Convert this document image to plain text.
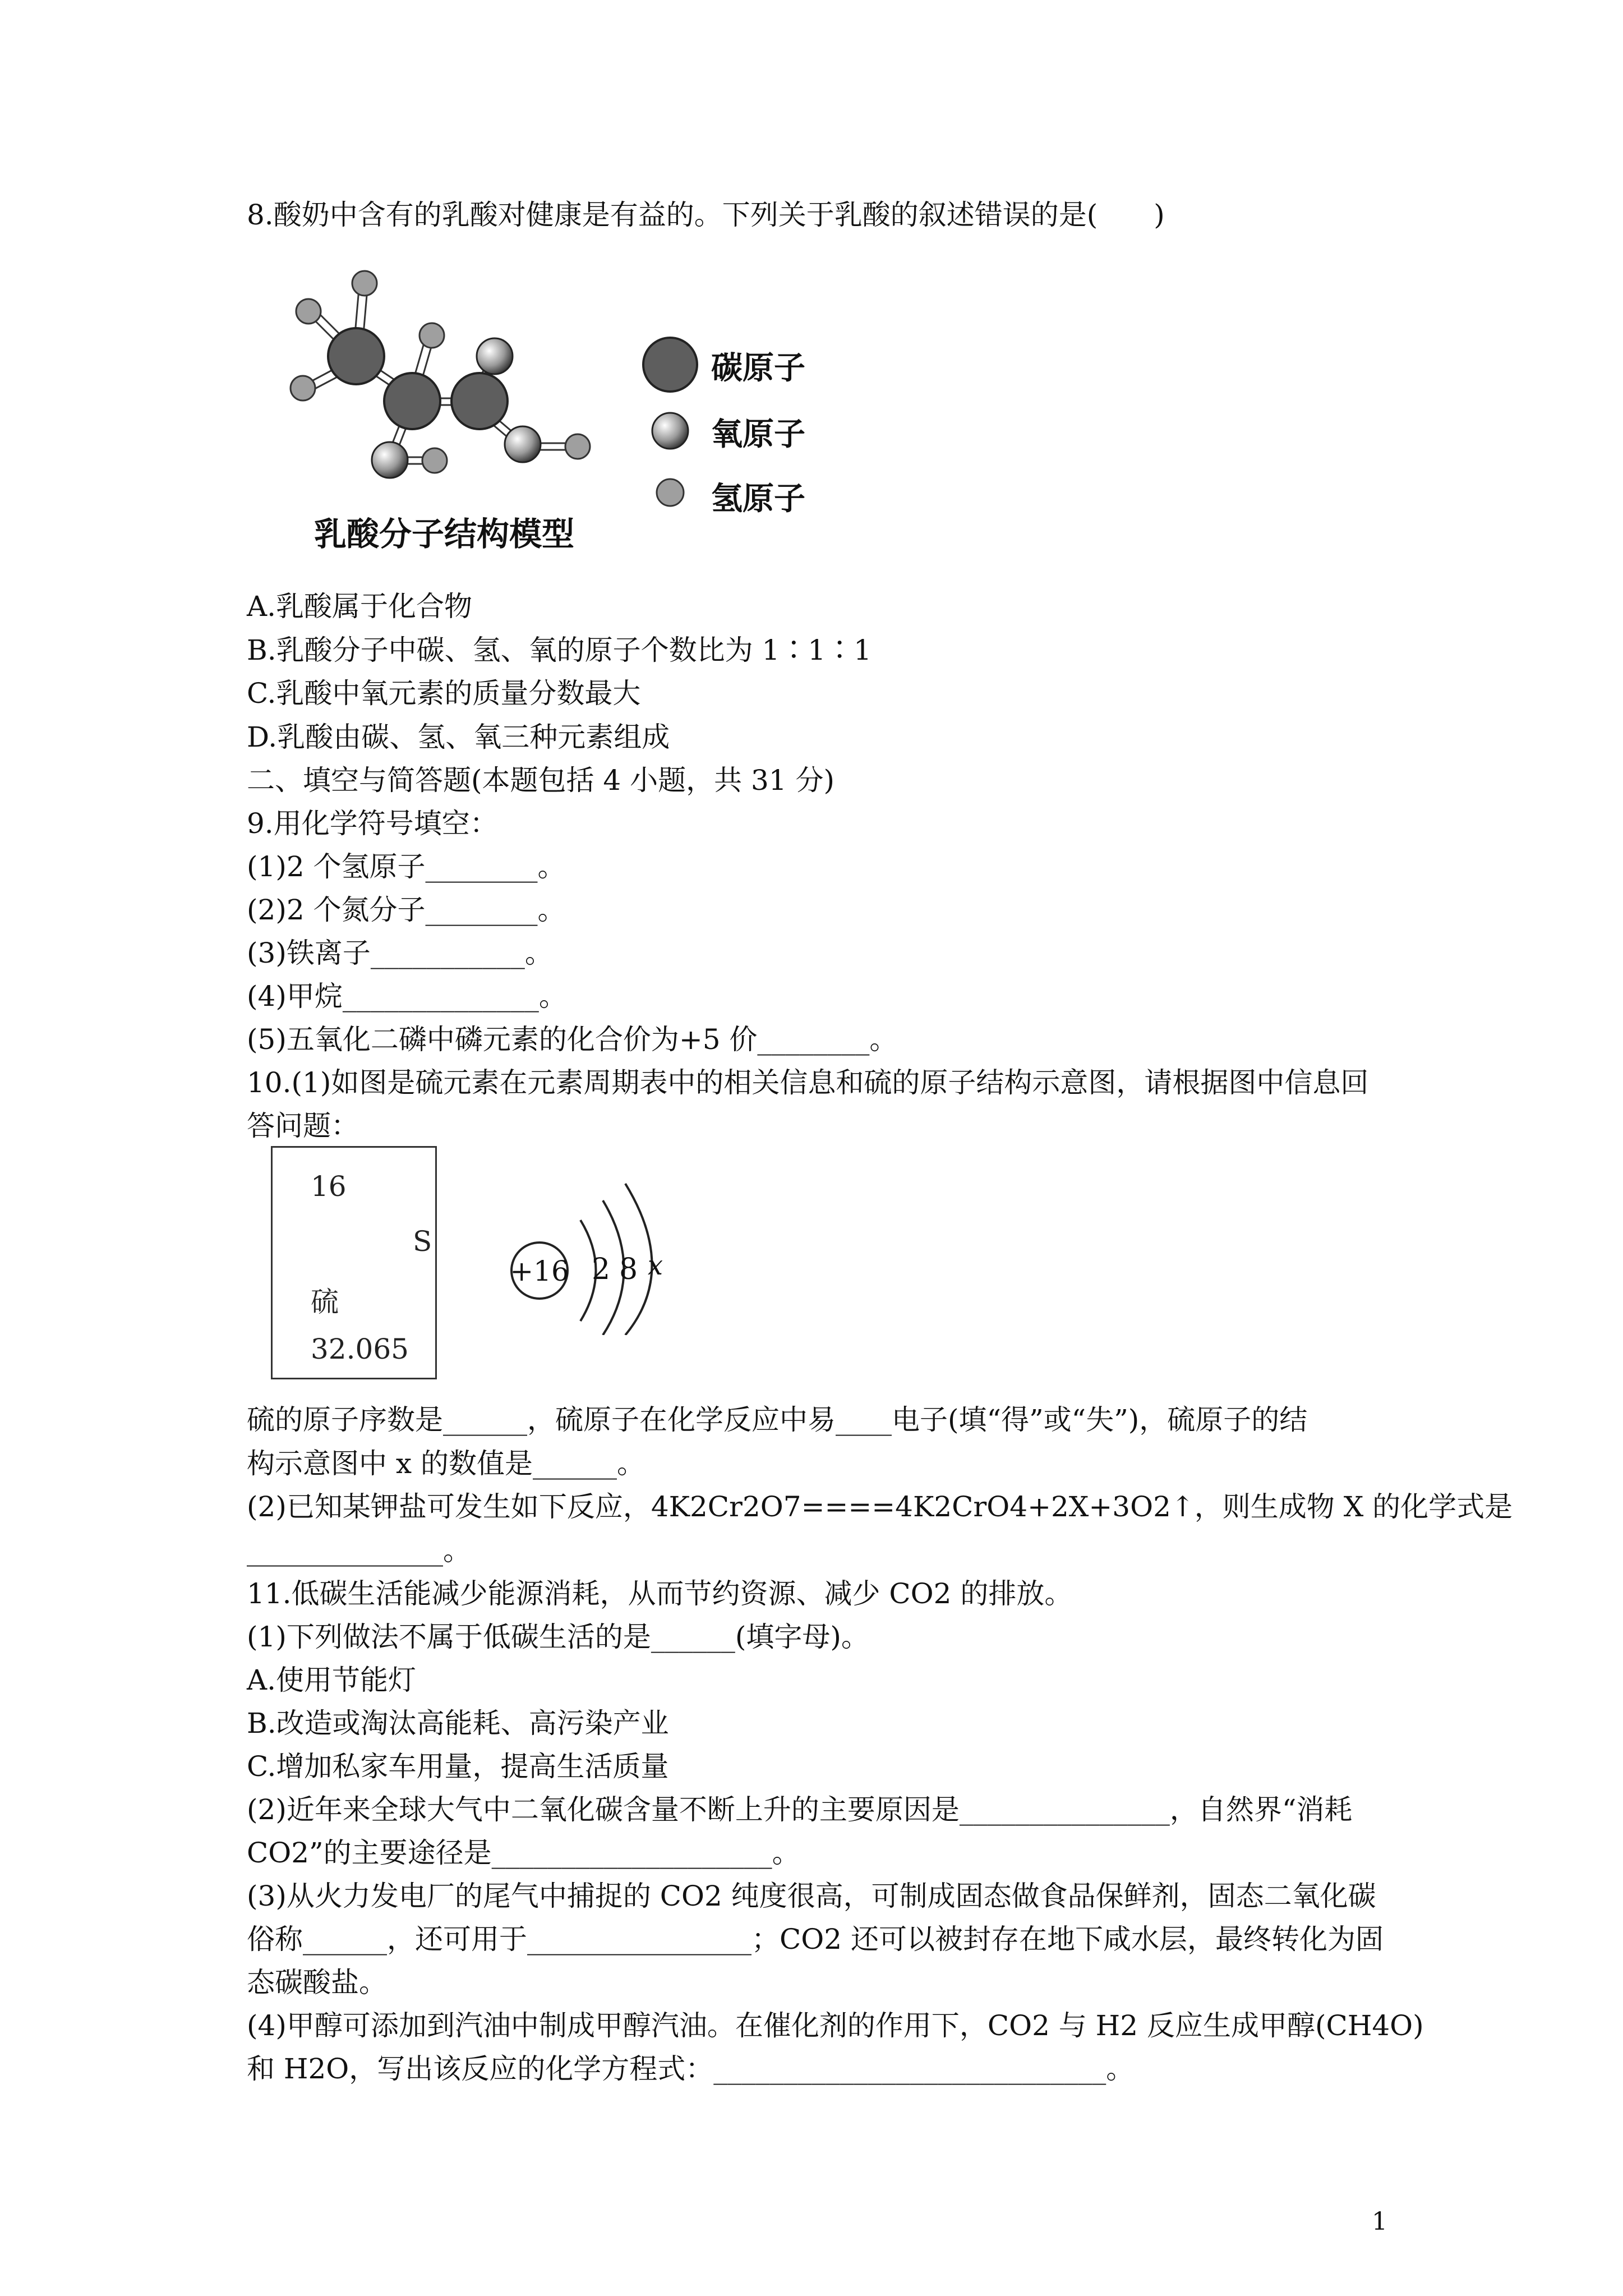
8.酸奶中含有的乳酸对健康是有益的。下列关于乳酸的叙述错误的是(　　)
乳酸分子结构模型
碳原子
氧原子
氢原子
A.乳酸属于化合物
B.乳酸分子中碳、氢、氧的原子个数比为 1∶1∶1
C.乳酸中氧元素的质量分数最大
D.乳酸由碳、氢、氧三种元素组成
二、填空与简答题(本题包括 4 小题，共 31 分)
9.用化学符号填空：
(1)2 个氢原子________。
(2)2 个氮分子________。
(3)铁离子___________。
(4)甲烷______________。
(5)五氧化二磷中磷元素的化合价为+5 价________。
10.(1)如图是硫元素在元素周期表中的相关信息和硫的原子结构示意图，请根据图中信息回
答问题：
16
S
硫
32.065
+16 2 8 x
硫的原子序数是______，硫原子在化学反应中易____电子(填“得”或“失”)，硫原子的结
构示意图中 x 的数值是______。
(2)已知某钾盐可发生如下反应，4K2Cr2O7====4K2CrO4+2X+3O2↑，则生成物 X 的化学式是
______________。
11.低碳生活能减少能源消耗，从而节约资源、减少 CO2 的排放。
(1)下列做法不属于低碳生活的是______(填字母)。
A.使用节能灯
B.改造或淘汰高能耗、高污染产业
C.增加私家车用量，提高生活质量
(2)近年来全球大气中二氧化碳含量不断上升的主要原因是_______________，自然界“消耗
CO2”的主要途径是____________________。
(3)从火力发电厂的尾气中捕捉的 CO2 纯度很高，可制成固态做食品保鲜剂，固态二氧化碳
俗称______，还可用于________________；CO2 还可以被封存在地下咸水层，最终转化为固
态碳酸盐。
(4)甲醇可添加到汽油中制成甲醇汽油。在催化剂的作用下，CO2 与 H2 反应生成甲醇(CH4O)
和 H2O，写出该反应的化学方程式：____________________________。
1
